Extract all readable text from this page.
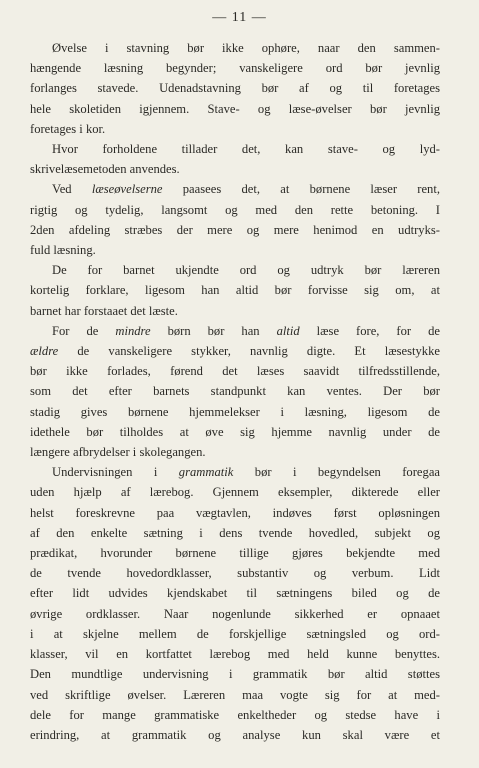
— 11 —
Øvelse i stavning bør ikke ophøre, naar den sammen-
hængende læsning begynder; vanskeligere ord bør jevnlig
forlanges stavede. Udenadstavning bør af og til foretages
hele skoletiden igjennem. Stave- og læse-øvelser bør jevnlig
foretages i kor.
Hvor forholdene tillader det, kan stave- og lyd-
skrivelæsemetoden anvendes.
Ved læseøvelserne paasees det, at børnene læser rent,
rigtig og tydelig, langsomt og med den rette betoning. I
2den afdeling stræbes der mere og mere henimod en udtryks-
fuld læsning.
De for barnet ukjendte ord og udtryk bør læreren
kortelig forklare, ligesom han altid bør forvisse sig om, at
barnet har forstaaet det læste.
For de mindre børn bør han altid læse fore, for de
ældre de vanskeligere stykker, navnlig digte. Et læsestykke
bør ikke forlades, førend det læses saavidt tilfredsstillende,
som det efter barnets standpunkt kan ventes. Der bør
stadig gives børnene hjemmelekser i læsning, ligesom de
idethele bør tilholdes at øve sig hjemme navnlig under de
længere afbrydelser i skolegangen.
Undervisningen i grammatik bør i begyndelsen foregaa
uden hjælp af lærebog. Gjennem eksempler, dikterede eller
helst foreskrevne paa vægtavlen, indøves først opløsningen
af den enkelte sætning i dens tvende hovedled, subjekt og
prædikat, hvorunder børnene tillige gjøres bekjendte med
de tvende hovedordklasser, substantiv og verbum. Lidt
efter lidt udvides kjendskabet til sætningens biled og de
øvrige ordklasser. Naar nogenlunde sikkerhed er opnaaet
i at skjelne mellem de forskjellige sætningsled og ord-
klasser, vil en kortfattet lærebog med held kunne benyttes.
Den mundtlige undervisning i grammatik bør altid støttes
ved skriftlige øvelser. Læreren maa vogte sig for at med-
dele for mange grammatiske enkeltheder og stedse have i
erindring, at grammatik og analyse kun skal være et
